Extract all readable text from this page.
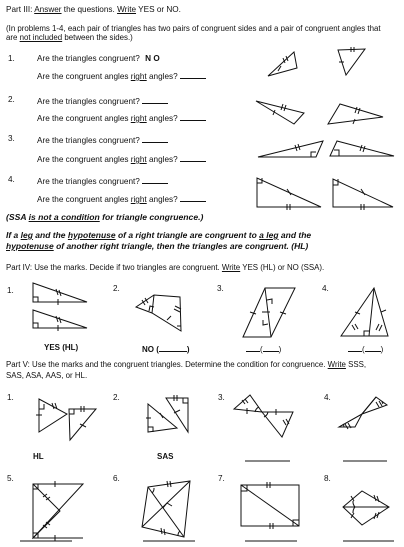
Part III: Answer the questions. Write YES or NO.
(In problems 1-4, each pair of triangles has two pairs of congruent sides and a pair of congruent angles that
are not included between the sides.)
1.	Are the triangles congruent? N O
Are the congruent angles right angles?
2.	Are the triangles congruent?
Are the congruent angles right angles?
3.	Are the triangles congruent?
Are the congruent angles right angles?
4.	Are the triangles congruent?
Are the congruent angles right angles?
(SSA is not a condition for triangle congruence.)
If a leg and the hypotenuse of a right triangle are congruent to a leg and the
hypotenuse of another right triangle, then the triangles are congruent. (HL)
Part IV: Use the marks. Decide if two triangles are congruent. Write YES (HL) or NO (SSA).
1.	2.	3.	4.
YES (HL)	NO (	)	( )	( )
Part V: Use the marks and the congruent triangles. Determine the condition for congruence. Write SSS,
SAS, ASA, AAS, or HL.
1.	2.	3.	4.
5.	6.	7.	8.
HL	SAS
